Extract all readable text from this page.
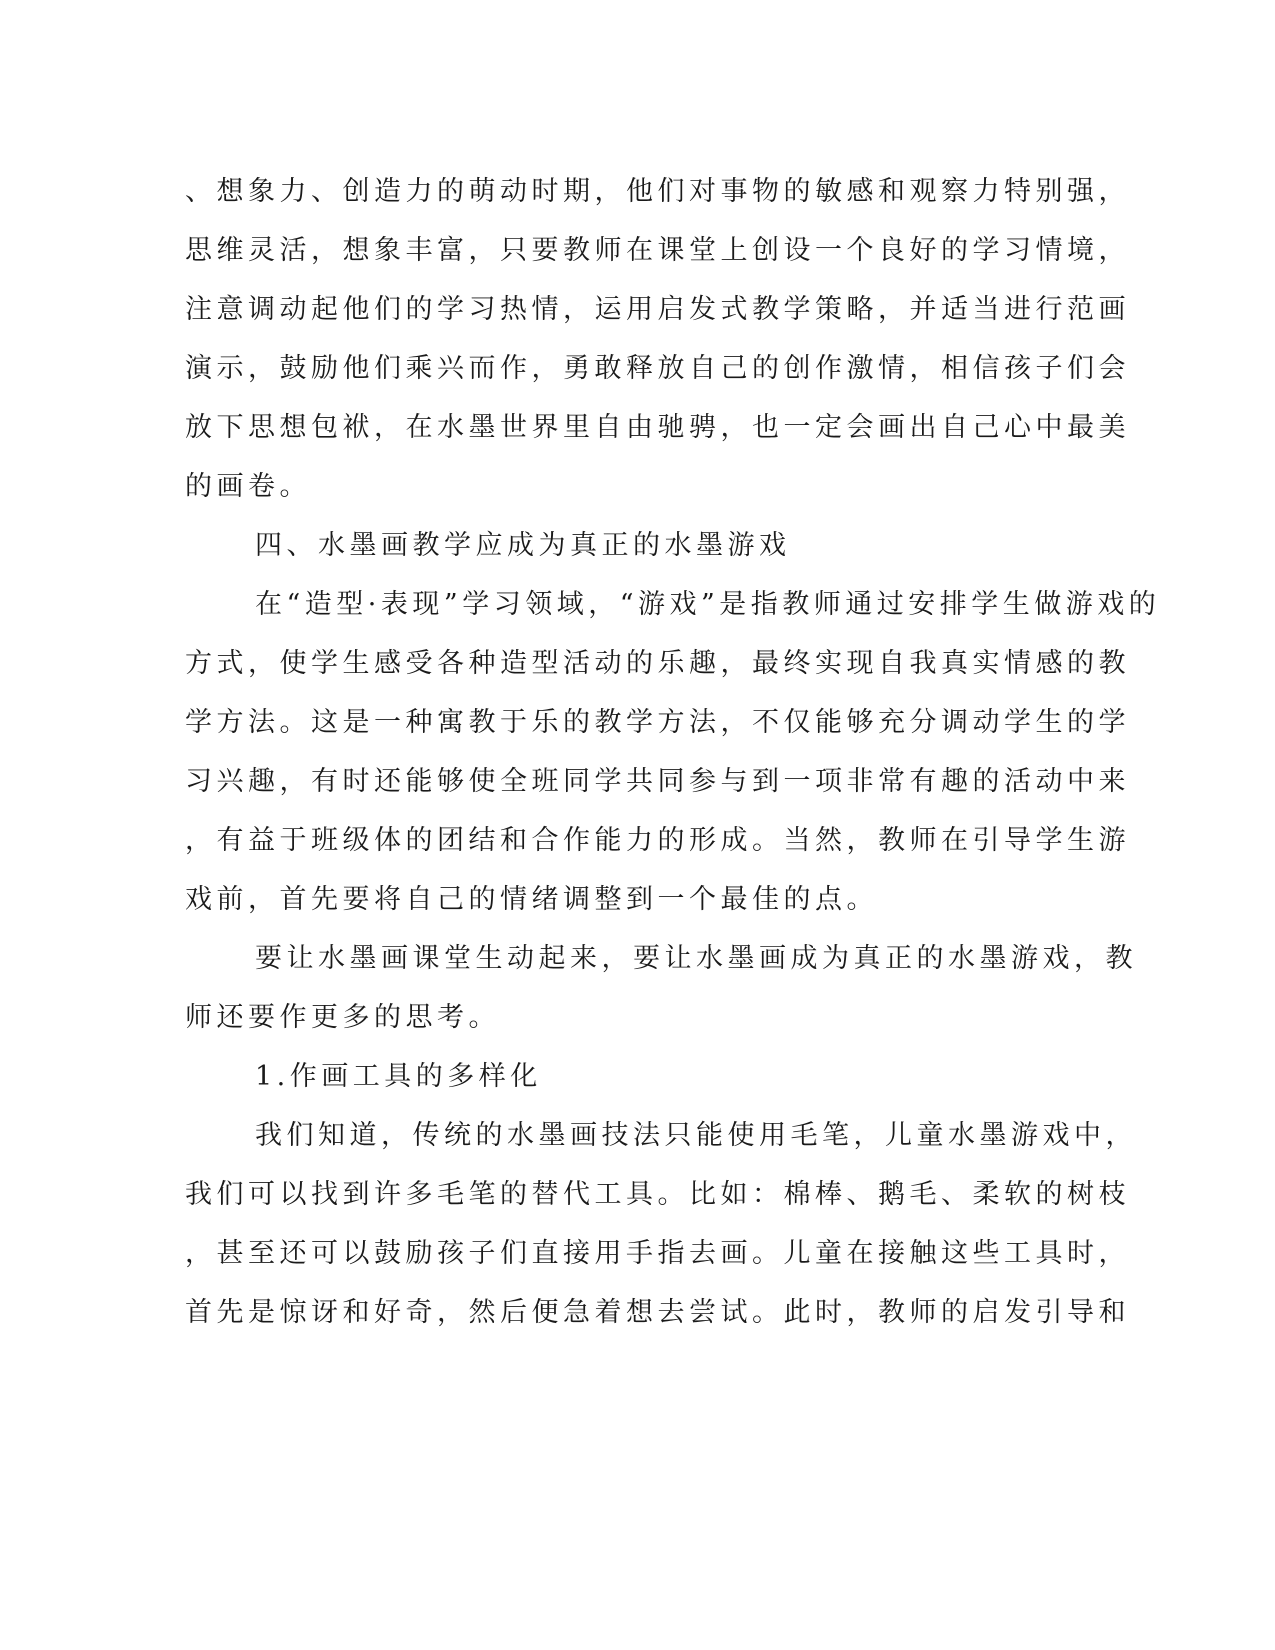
、想象力、创造力的萌动时期，他们对事物的敏感和观察力特别强，
思维灵活，想象丰富，只要教师在课堂上创设一个良好的学习情境，
注意调动起他们的学习热情，运用启发式教学策略，并适当进行范画
演示，鼓励他们乘兴而作，勇敢释放自己的创作激情，相信孩子们会
放下思想包袱，在水墨世界里自由驰骋，也一定会画出自己心中最美
的画卷。
四、水墨画教学应成为真正的水墨游戏
在“造型·表现”学习领域，“游戏”是指教师通过安排学生做游戏的
方式，使学生感受各种造型活动的乐趣，最终实现自我真实情感的教
学方法。这是一种寓教于乐的教学方法，不仅能够充分调动学生的学
习兴趣，有时还能够使全班同学共同参与到一项非常有趣的活动中来
，有益于班级体的团结和合作能力的形成。当然，教师在引导学生游
戏前，首先要将自己的情绪调整到一个最佳的点。
要让水墨画课堂生动起来，要让水墨画成为真正的水墨游戏，教
师还要作更多的思考。
1.作画工具的多样化
我们知道，传统的水墨画技法只能使用毛笔，儿童水墨游戏中，
我们可以找到许多毛笔的替代工具。比如：棉棒、鹅毛、柔软的树枝
，甚至还可以鼓励孩子们直接用手指去画。儿童在接触这些工具时，
首先是惊讶和好奇，然后便急着想去尝试。此时，教师的启发引导和
